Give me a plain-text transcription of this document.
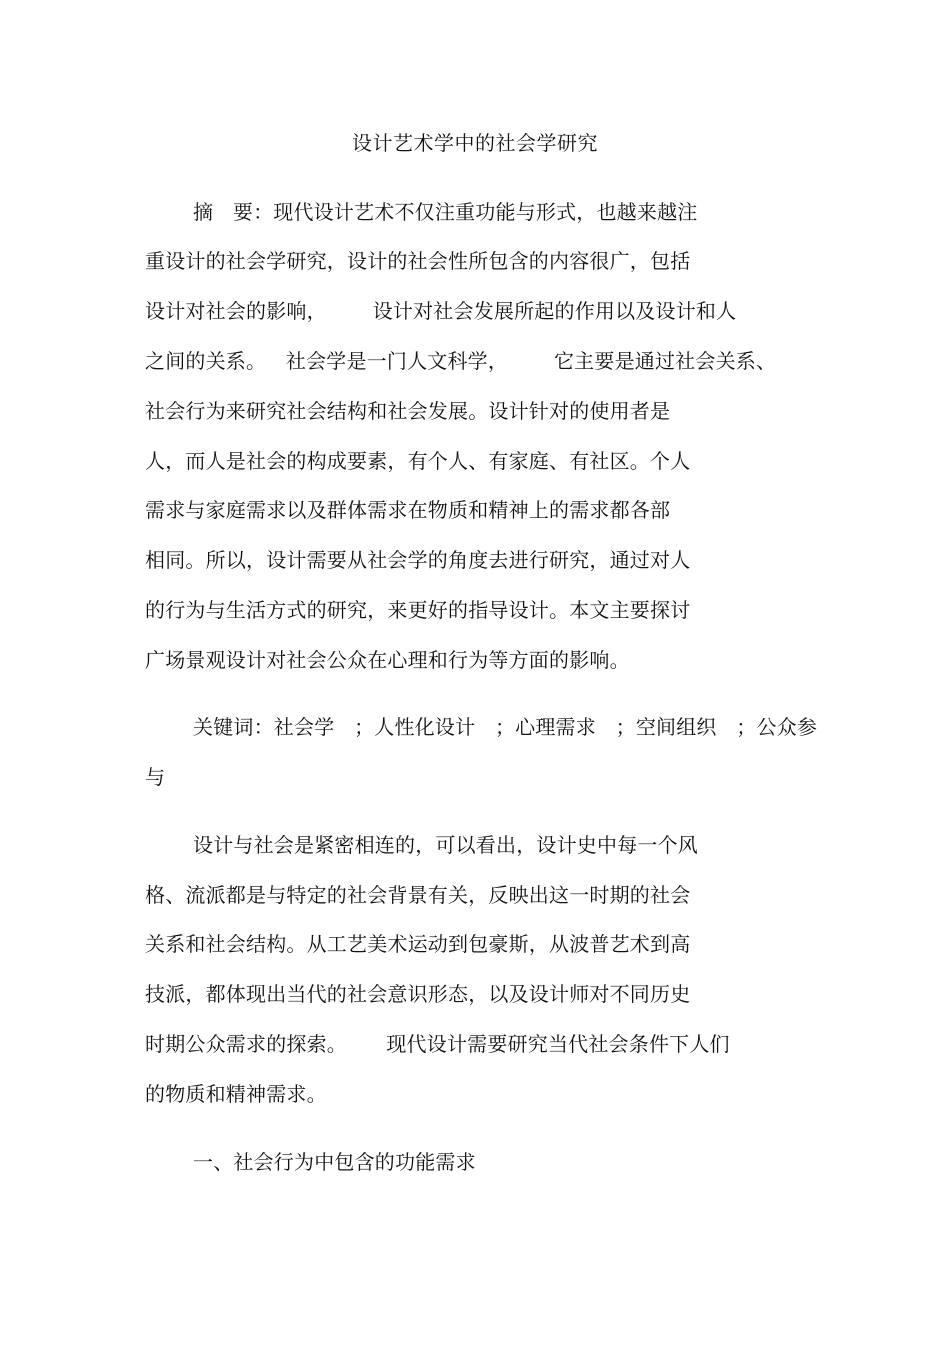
设计艺术学中的社会学研究
摘   要：现代设计艺术不仅注重功能与形式，也越来越注
重设计的社会学研究，设计的社会性所包含的内容很广，包括
设计对社会的影响，       设计对社会发展所起的作用以及设计和人
之间的关系。   社会学是一门人文科学，       它主要是通过社会关系、
社会行为来研究社会结构和社会发展。设计针对的使用者是
人，而人是社会的构成要素，有个人、有家庭、有社区。个人
需求与家庭需求以及群体需求在物质和精神上的需求都各部
相同。所以，设计需要从社会学的角度去进行研究，通过对人
的行为与生活方式的研究，来更好的指导设计。本文主要探讨
广场景观设计对社会公众在心理和行为等方面的影响。
关键词：社会学   ；人性化设计   ；心理需求   ；空间组织   ；公众参
与
设计与社会是紧密相连的，可以看出，设计史中每一个风
格、流派都是与特定的社会背景有关，反映出这一时期的社会
关系和社会结构。从工艺美术运动到包豪斯，从波普艺术到高
技派，都体现出当代的社会意识形态，以及设计师对不同历史
时期公众需求的探索。      现代设计需要研究当代社会条件下人们
的物质和精神需求。
一、社会行为中包含的功能需求
